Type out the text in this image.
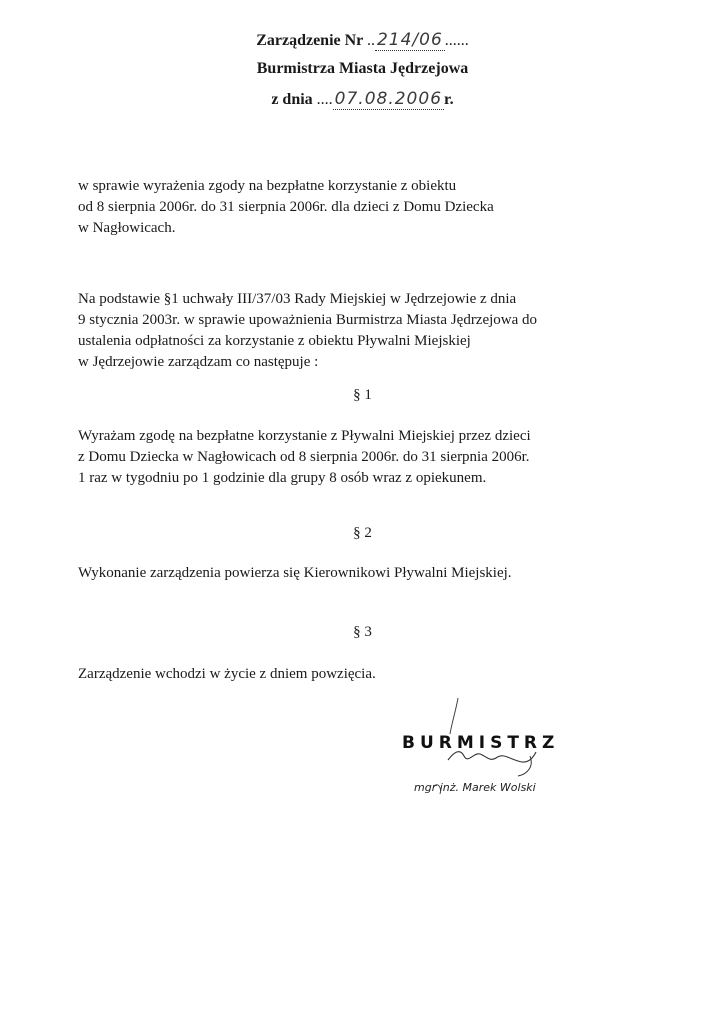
Zarządzenie Nr .. 214/06 ......
Burmistrza Miasta Jędrzejowa
z dnia .... 07.08.2006 r.
w sprawie wyrażenia zgody na bezpłatne korzystanie z obiektu
od 8 sierpnia 2006r. do 31 sierpnia 2006r. dla dzieci z Domu Dziecka
w Nagłowicach.
Na podstawie §1 uchwały III/37/03 Rady Miejskiej w Jędrzejowie z dnia
9 stycznia 2003r. w sprawie upoważnienia Burmistrza Miasta Jędrzejowa do
ustalenia odpłatności za korzystanie z obiektu Pływalni Miejskiej
w Jędrzejowie zarządzam co następuje :
§ 1
Wyrażam zgodę na bezpłatne korzystanie z Pływalni Miejskiej przez dzieci
z Domu Dziecka w Nagłowicach od 8 sierpnia 2006r. do 31 sierpnia 2006r.
1 raz w tygodniu po 1 godzinie dla grupy 8 osób wraz z opiekunem.
§ 2
Wykonanie zarządzenia powierza się Kierownikowi Pływalni Miejskiej.
§ 3
Zarządzenie wchodzi w życie z dniem powzięcia.
BURMISTRZ
mgr inż. Marek Wolski
